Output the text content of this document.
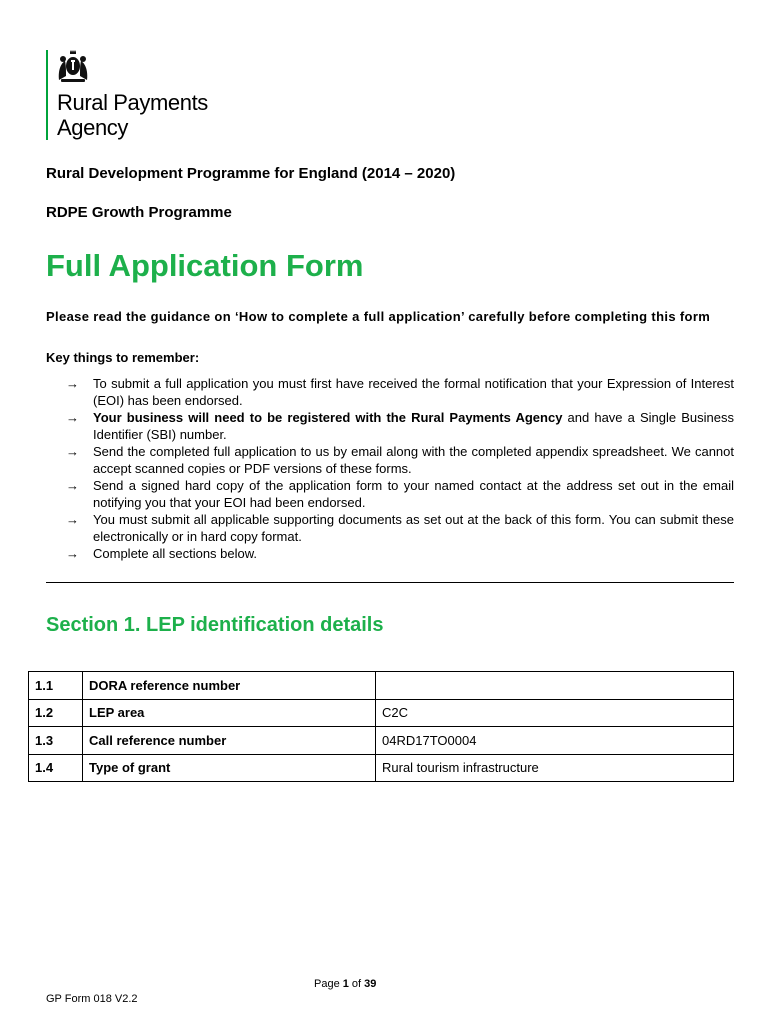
Rural Payments
Agency
Rural Development Programme for England (2014 – 2020)
RDPE Growth Programme
Full Application Form
Please read the guidance on ‘How to complete a full application’ carefully before completing this form
Key things to remember:
→ To submit a full application you must first have received the formal notification that your Expression of Interest (EOI) has been endorsed.
→ Your business will need to be registered with the Rural Payments Agency and have a Single Business Identifier (SBI) number.
→ Send the completed full application to us by email along with the completed appendix spreadsheet. We cannot accept scanned copies or PDF versions of these forms.
→ Send a signed hard copy of the application form to your named contact at the address set out in the email notifying you that your EOI had been endorsed.
→ You must submit all applicable supporting documents as set out at the back of this form. You can submit these electronically or in hard copy format.
→ Complete all sections below.
Section 1. LEP identification details
1.1	DORA reference number	
1.2	LEP area	C2C
1.3	Call reference number	04RD17TO0004
1.4	Type of grant	Rural tourism infrastructure
Page 1 of 39
GP Form 018 V2.2
